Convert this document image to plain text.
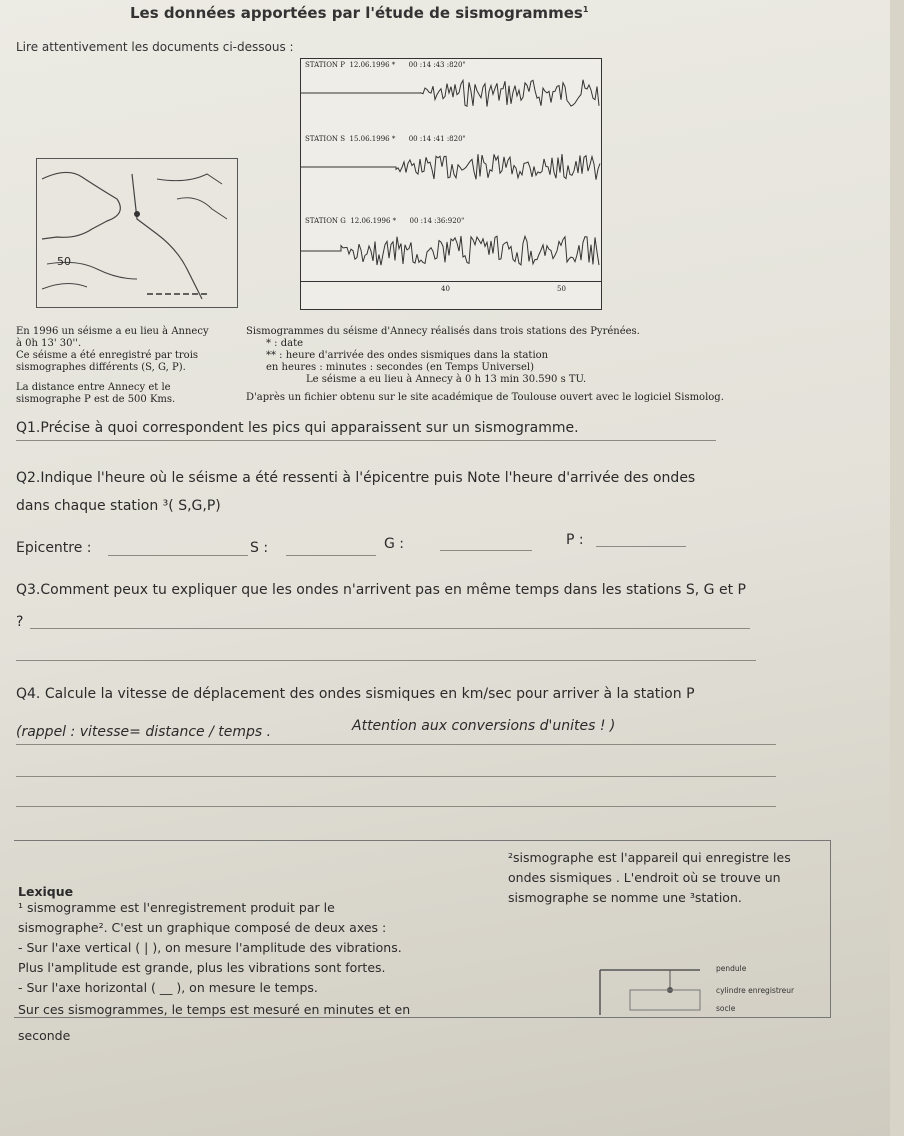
Les données apportées par l'étude de sismogrammes$^1$
Lire attentivement les documents ci-dessous :
50
STATION P 12.06.1996 *      00 :14 :43 :820"
STATION S 15.06.1996 *      00 :14 :41 :820"
STATION G 12.06.1996 *      00 :14 :36:920"
40	50
En 1996 un séisme a eu lieu à Annecy
à 0h 13' 30''.
Ce séisme a été enregistré par trois
sismographes différents (S, G, P).
La distance entre Annecy et le
sismographe P est de 500 Kms.
Sismogrammes du séisme d'Annecy réalisés dans trois stations des Pyrénées.
* : date
** : heure d'arrivée des ondes sismiques dans la station
en heures : minutes : secondes (en Temps Universel)
Le séisme a eu lieu à Annecy à 0 h 13 min 30.590 s TU.
D'après un fichier obtenu sur le site académique de Toulouse ouvert avec le logiciel Sismolog.
Q1.Précise à quoi correspondent les pics qui apparaissent sur un sismogramme.
Q2.Indique l'heure où le séisme a été ressenti à l'épicentre puis Note l'heure d'arrivée des ondes
dans chaque station ³( S,G,P)
Epicentre :	S :	G :	P :
Q3.Comment peux tu expliquer que les ondes n'arrivent pas en même temps dans les stations S, G et P
?
Q4. Calcule la vitesse de déplacement des ondes sismiques en km/sec pour arriver à la station P
(rappel : vitesse= distance / temps .	Attention aux conversions d'unites ! )
Lexique
¹ sismogramme est l'enregistrement produit par le
sismographe². C'est un graphique composé de deux axes :
- Sur l'axe vertical ( | ), on mesure l'amplitude des vibrations.
Plus l'amplitude est grande, plus les vibrations sont fortes.
- Sur l'axe horizontal ( __ ), on mesure le temps.
Sur ces sismogrammes, le temps est mesuré en minutes et en
seconde
²sismographe est l'appareil qui enregistre les
ondes sismiques . L'endroit où se trouve un
sismographe se nomme une ³station.
pendule
cylindre enregistreur
socle
